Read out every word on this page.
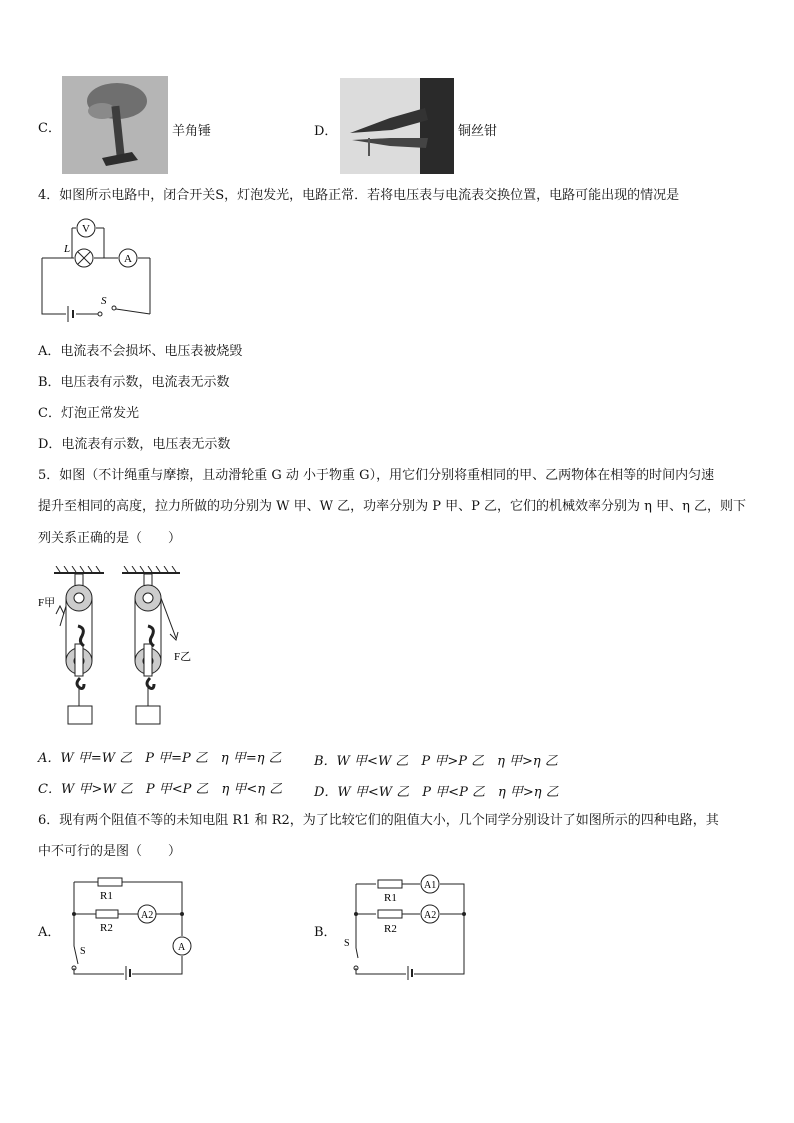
C．	羊角锤	D．	铜丝钳
4．如图所示电路中，闭合开关S，灯泡发光，电路正常．若将电压表与电流表交换位置，电路可能出现的情况是
S
L
V
A
A．电流表不会损坏、电压表被烧毁
B．电压表有示数，电流表无示数
C．灯泡正常发光
D．电流表有示数，电压表无示数
5．如图（不计绳重与摩擦，且动滑轮重 G 动 小于物重 G），用它们分别将重相同的甲、乙两物体在相等的时间内匀速
提升至相同的高度，拉力所做的功分别为 W 甲、W 乙，功率分别为 P 甲、P 乙，它们的机械效率分别为 η 甲、η 乙，则下
列关系正确的是（　　）
F甲
F乙
A．W 甲=W 乙　P 甲=P 乙　η 甲=η 乙 B．W 甲<W 乙　P 甲>P 乙　η 甲>η 乙
C．W 甲>W 乙　P 甲<P 乙　η 甲<η 乙 D．W 甲<W 乙　P 甲<P 乙　η 甲>η 乙
6．现有两个阻值不等的未知电阻 R1 和 R2，为了比较它们的阻值大小，几个同学分别设计了如图所示的四种电路，其
中不可行的是图（　　）
A．
R1
R2
A2
A
S
B．
R1
R2
A1
A2
S
